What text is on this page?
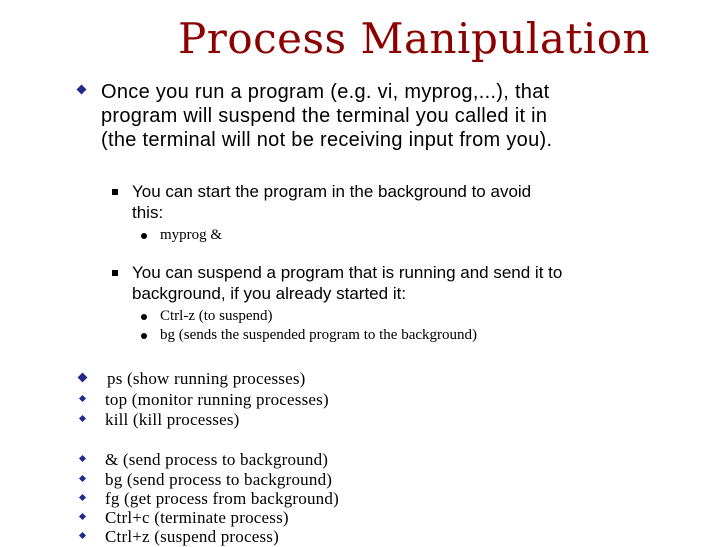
Process Manipulation
Once you run a program (e.g. vi, myprog,...), that
program will suspend the terminal you called it in
(the terminal will not be receiving input from you).
You can start the program in the background to avoid
this:
myprog &
You can suspend a program that is running and send it to
background, if you already started it:
Ctrl-z (to suspend)
bg (sends the suspended program to the background)
ps (show running processes)
top (monitor running processes)
kill (kill processes)
& (send process to background)
bg (send process to background)
fg (get process from background)
Ctrl+c (terminate process)
Ctrl+z (suspend process)
